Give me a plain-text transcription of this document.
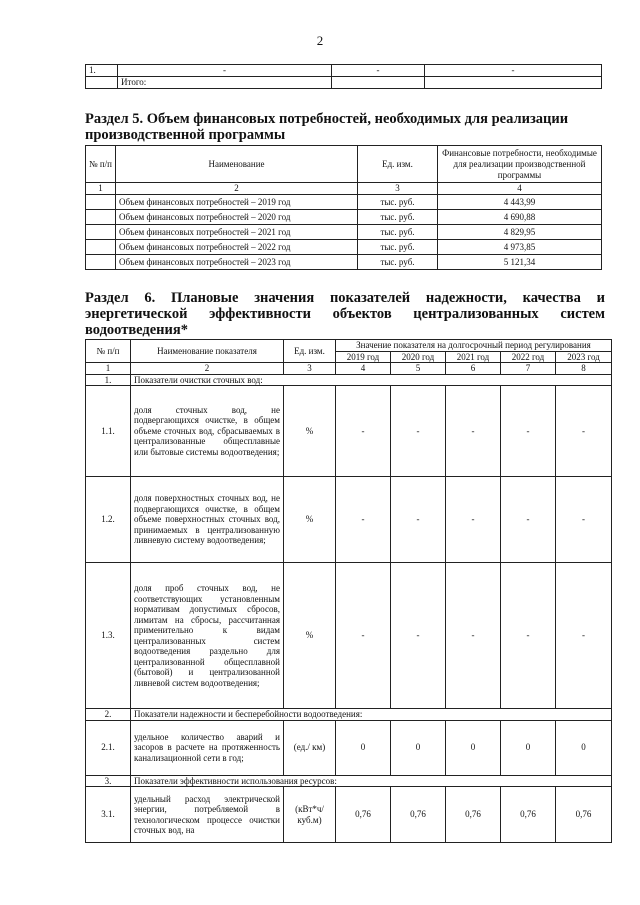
2
1.	-	-	-
	Итого:		
Раздел 5. Объем финансовых потребностей, необходимых для реализации производственной программы
№ п/п	Наименование	Ед. изм.	Финансовые потребности, необходимые для реализации производственной программы
1	2	3	4
	Объем финансовых потребностей – 2019 год	тыс. руб.	4 443,99
	Объем финансовых потребностей – 2020 год	тыс. руб.	4 690,88
	Объем финансовых потребностей – 2021 год	тыс. руб.	4 829,95
	Объем финансовых потребностей – 2022 год	тыс. руб.	4 973,85
	Объем финансовых потребностей – 2023 год	тыс. руб.	5 121,34
Раздел 6. Плановые значения показателей надежности, качества и энергетической эффективности объектов централизованных систем водоотведения*
№ п/п	Наименование показателя	Ед. изм.	Значение показателя на долгосрочный период регулирования				
			2019 год	2020 год	2021 год	2022 год	2023 год
1	2	3	4	5	6	7	8
1.	Показатели очистки сточных вод:						
1.1.	доля сточных вод, не подвергающихся очистке, в общем объеме сточных вод, сбрасываемых в централизованные общесплавные или бытовые системы водоотведения;	%	-	-	-	-	-
1.2.	доля поверхностных сточных вод, не подвергающихся очистке, в общем объеме поверхностных сточных вод, принимаемых в централизованную ливневую систему водоотведения;	%	-	-	-	-	-
1.3.	доля проб сточных вод, не соответствующих установленным нормативам допустимых сбросов, лимитам на сбросы, рассчитанная применительно к видам централизованных систем водоотведения раздельно для централизованной общесплавной (бытовой) и централизованной ливневой систем водоотведения;	%	-	-	-	-	-
2.	Показатели надежности и бесперебойности водоотведения:						
2.1.	удельное количество аварий и засоров в расчете на протяженность канализационной сети в год;	(ед./ км)	0	0	0	0	0
3.	Показатели эффективности использования ресурсов:						
3.1.	удельный расход электрической энергии, потребляемой в технологическом процессе очистки сточных вод, на	(кВт*ч/ куб.м)	0,76	0,76	0,76	0,76	0,76
